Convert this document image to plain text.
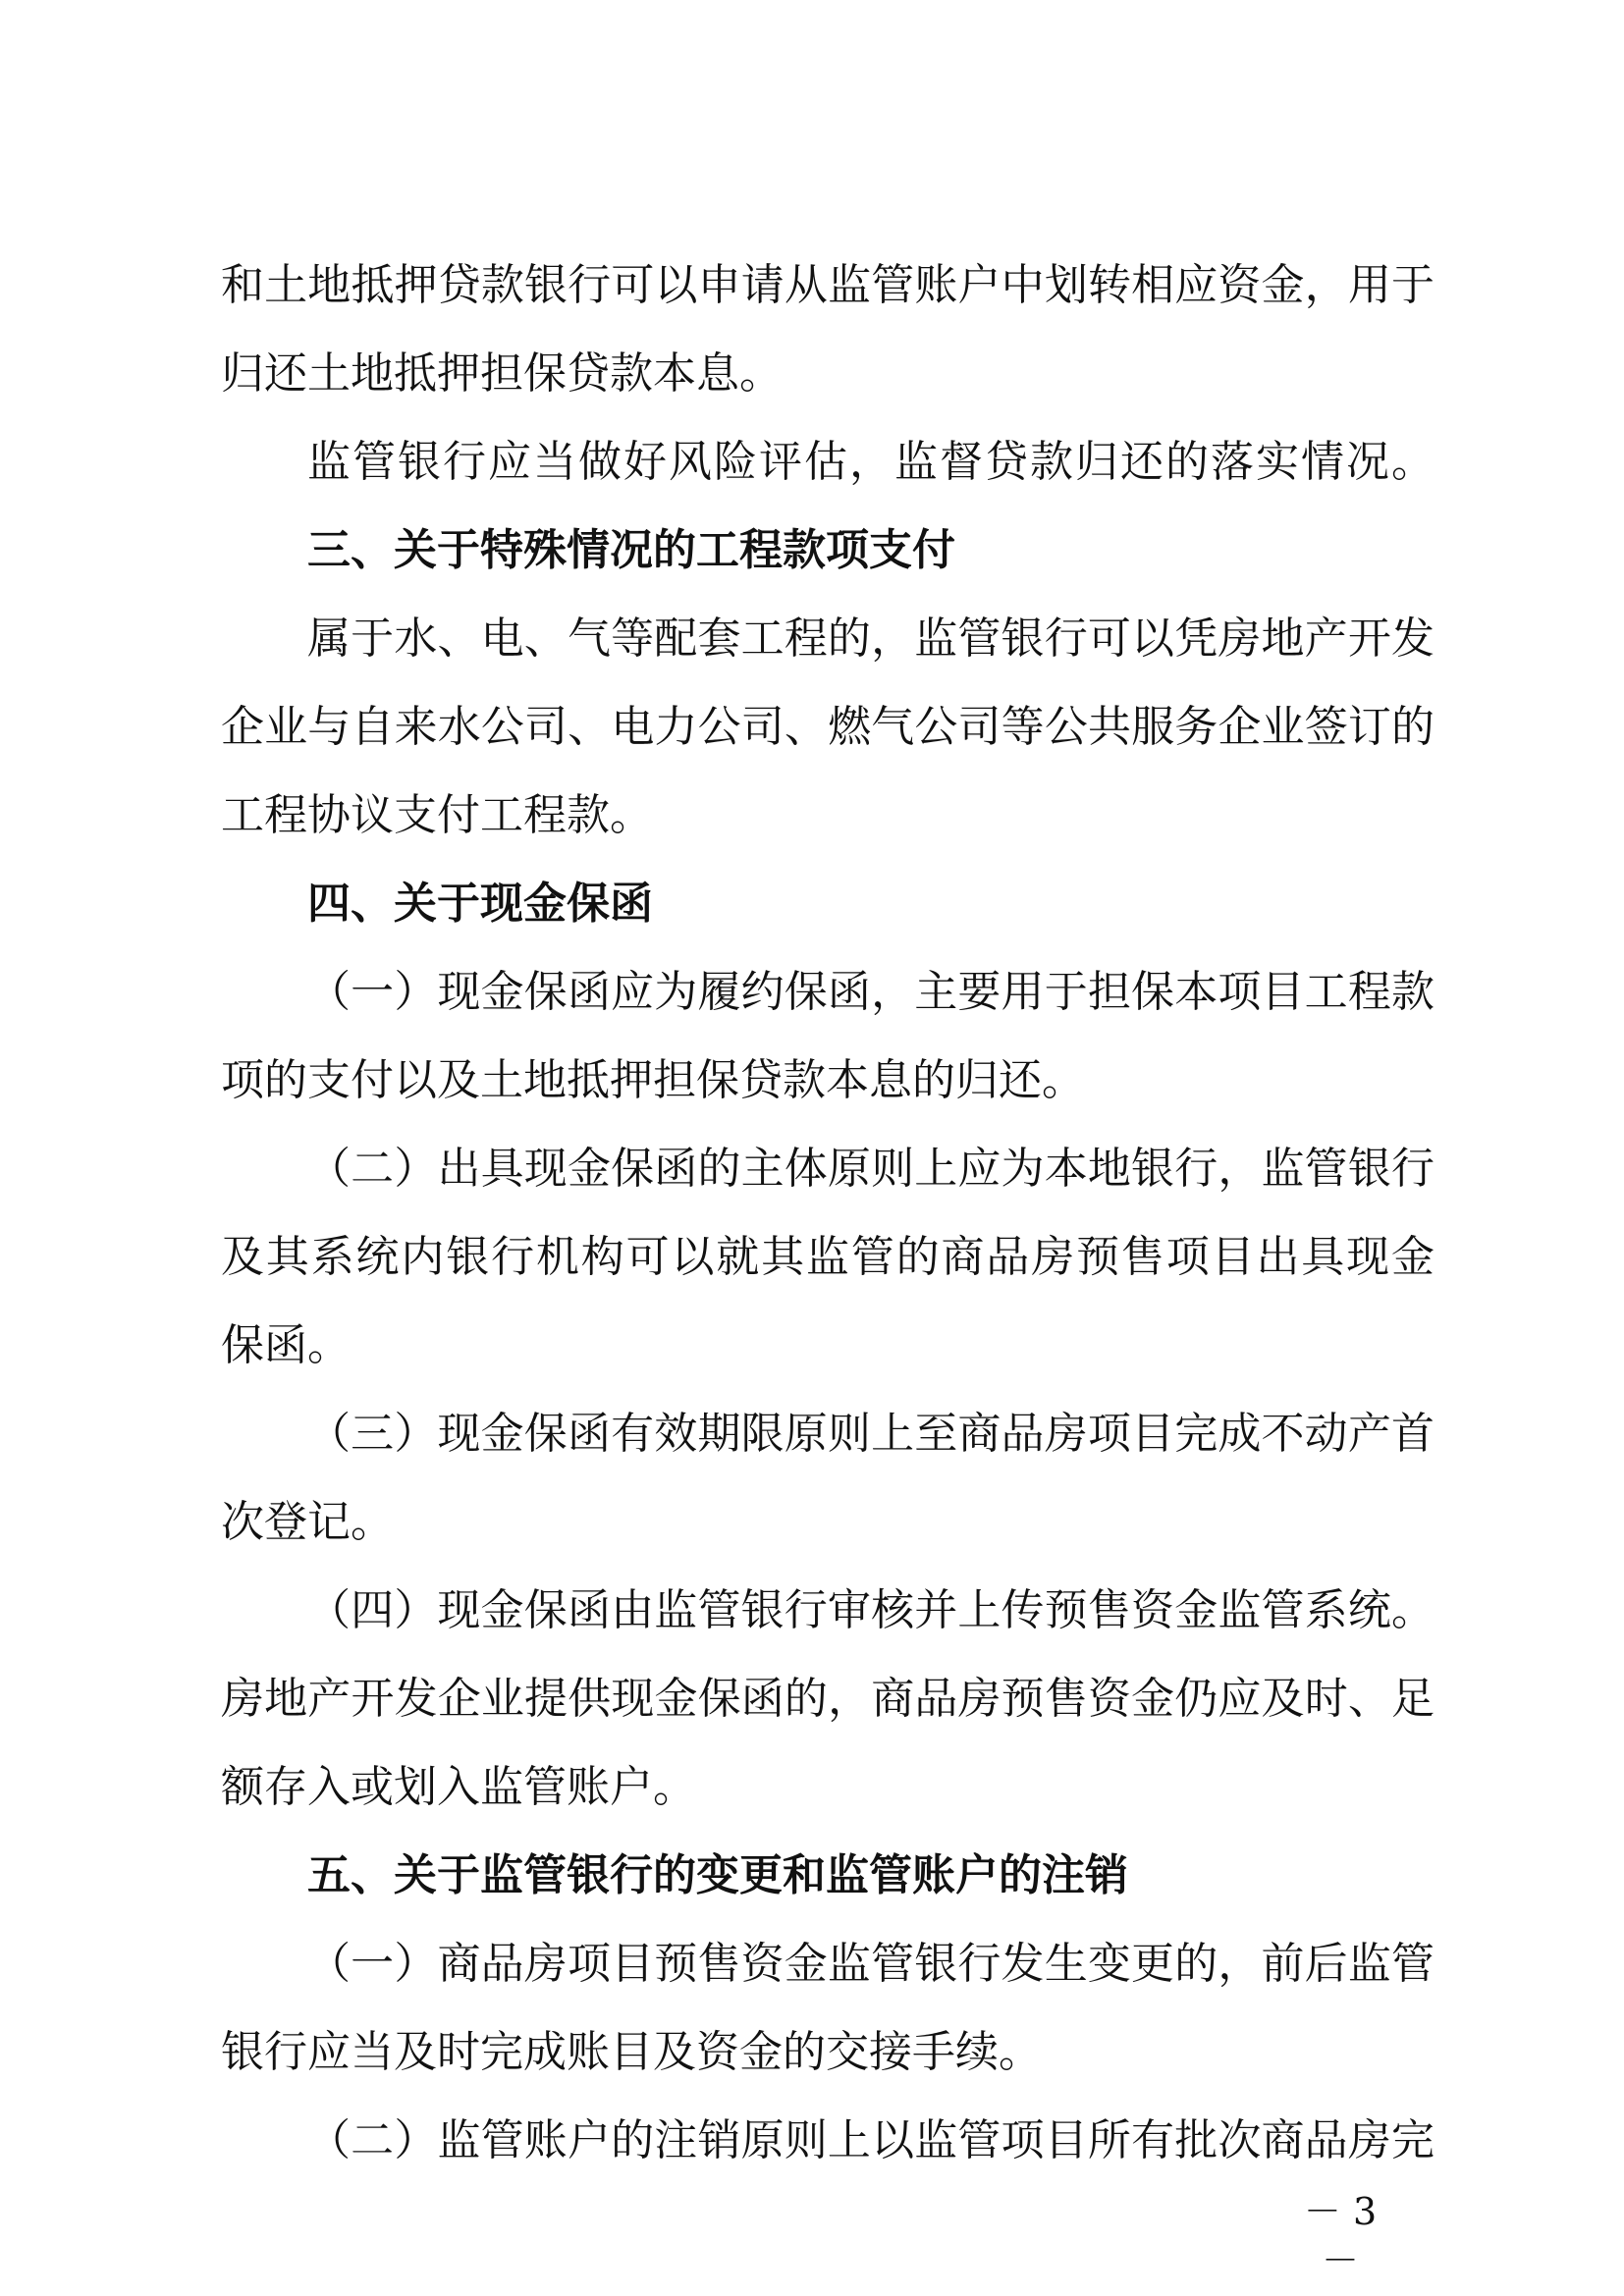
和土地抵押贷款银行可以申请从监管账户中划转相应资金，用于
归还土地抵押担保贷款本息。
监管银行应当做好风险评估，监督贷款归还的落实情况。
三、关于特殊情况的工程款项支付
属于水、电、气等配套工程的，监管银行可以凭房地产开发
企业与自来水公司、电力公司、燃气公司等公共服务企业签订的
工程协议支付工程款。
四、关于现金保函
（一）现金保函应为履约保函，主要用于担保本项目工程款
项的支付以及土地抵押担保贷款本息的归还。
（二）出具现金保函的主体原则上应为本地银行，监管银行
及其系统内银行机构可以就其监管的商品房预售项目出具现金
保函。
（三）现金保函有效期限原则上至商品房项目完成不动产首
次登记。
（四）现金保函由监管银行审核并上传预售资金监管系统。
房地产开发企业提供现金保函的，商品房预售资金仍应及时、足
额存入或划入监管账户。
五、关于监管银行的变更和监管账户的注销
（一）商品房项目预售资金监管银行发生变更的，前后监管
银行应当及时完成账目及资金的交接手续。
（二）监管账户的注销原则上以监管项目所有批次商品房完
－ 3 －
